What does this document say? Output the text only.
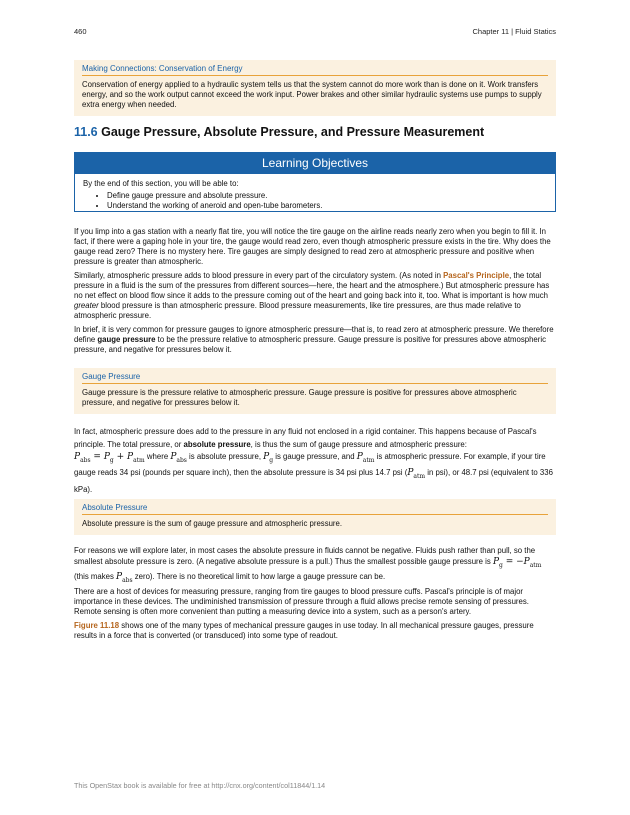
460	Chapter 11 | Fluid Statics
Making Connections: Conservation of Energy
Conservation of energy applied to a hydraulic system tells us that the system cannot do more work than is done on it. Work transfers energy, and so the work output cannot exceed the work input. Power brakes and other similar hydraulic systems use pumps to supply extra energy when needed.
11.6 Gauge Pressure, Absolute Pressure, and Pressure Measurement
Learning Objectives
By the end of this section, you will be able to:
• Define gauge pressure and absolute pressure.
• Understand the working of aneroid and open-tube barometers.
If you limp into a gas station with a nearly flat tire, you will notice the tire gauge on the airline reads nearly zero when you begin to fill it. In fact, if there were a gaping hole in your tire, the gauge would read zero, even though atmospheric pressure exists in the tire. Why does the gauge read zero? There is no mystery here. Tire gauges are simply designed to read zero at atmospheric pressure and positive when pressure is greater than atmospheric.
Similarly, atmospheric pressure adds to blood pressure in every part of the circulatory system. (As noted in Pascal's Principle, the total pressure in a fluid is the sum of the pressures from different sources—here, the heart and the atmosphere.) But atmospheric pressure has no net effect on blood flow since it adds to the pressure coming out of the heart and going back into it, too. What is important is how much greater blood pressure is than atmospheric pressure. Blood pressure measurements, like tire pressures, are thus made relative to atmospheric pressure.
In brief, it is very common for pressure gauges to ignore atmospheric pressure—that is, to read zero at atmospheric pressure. We therefore define gauge pressure to be the pressure relative to atmospheric pressure. Gauge pressure is positive for pressures above atmospheric pressure, and negative for pressures below it.
Gauge Pressure
Gauge pressure is the pressure relative to atmospheric pressure. Gauge pressure is positive for pressures above atmospheric pressure, and negative for pressures below it.
In fact, atmospheric pressure does add to the pressure in any fluid not enclosed in a rigid container. This happens because of Pascal's principle. The total pressure, or absolute pressure, is thus the sum of gauge pressure and atmospheric pressure:
$P_{abs} = P_g + P_{atm}$ where $P_{abs}$ is absolute pressure, $P_g$ is gauge pressure, and $P_{atm}$ is atmospheric pressure. For example, if your tire gauge reads 34 psi (pounds per square inch), then the absolute pressure is 34 psi plus 14.7 psi ($P_{atm}$ in psi), or 48.7 psi (equivalent to 336 kPa).
Absolute Pressure
Absolute pressure is the sum of gauge pressure and atmospheric pressure.
For reasons we will explore later, in most cases the absolute pressure in fluids cannot be negative. Fluids push rather than pull, so the smallest absolute pressure is zero. (A negative absolute pressure is a pull.) Thus the smallest possible gauge pressure is $P_g = -P_{atm}$ (this makes $P_{abs}$ zero). There is no theoretical limit to how large a gauge pressure can be.
There are a host of devices for measuring pressure, ranging from tire gauges to blood pressure cuffs. Pascal's principle is of major importance in these devices. The undiminished transmission of pressure through a fluid allows precise remote sensing of pressures. Remote sensing is often more convenient than putting a measuring device into a system, such as a person's artery.
Figure 11.18 shows one of the many types of mechanical pressure gauges in use today. In all mechanical pressure gauges, pressure results in a force that is converted (or transduced) into some type of readout.
This OpenStax book is available for free at http://cnx.org/content/col11844/1.14
